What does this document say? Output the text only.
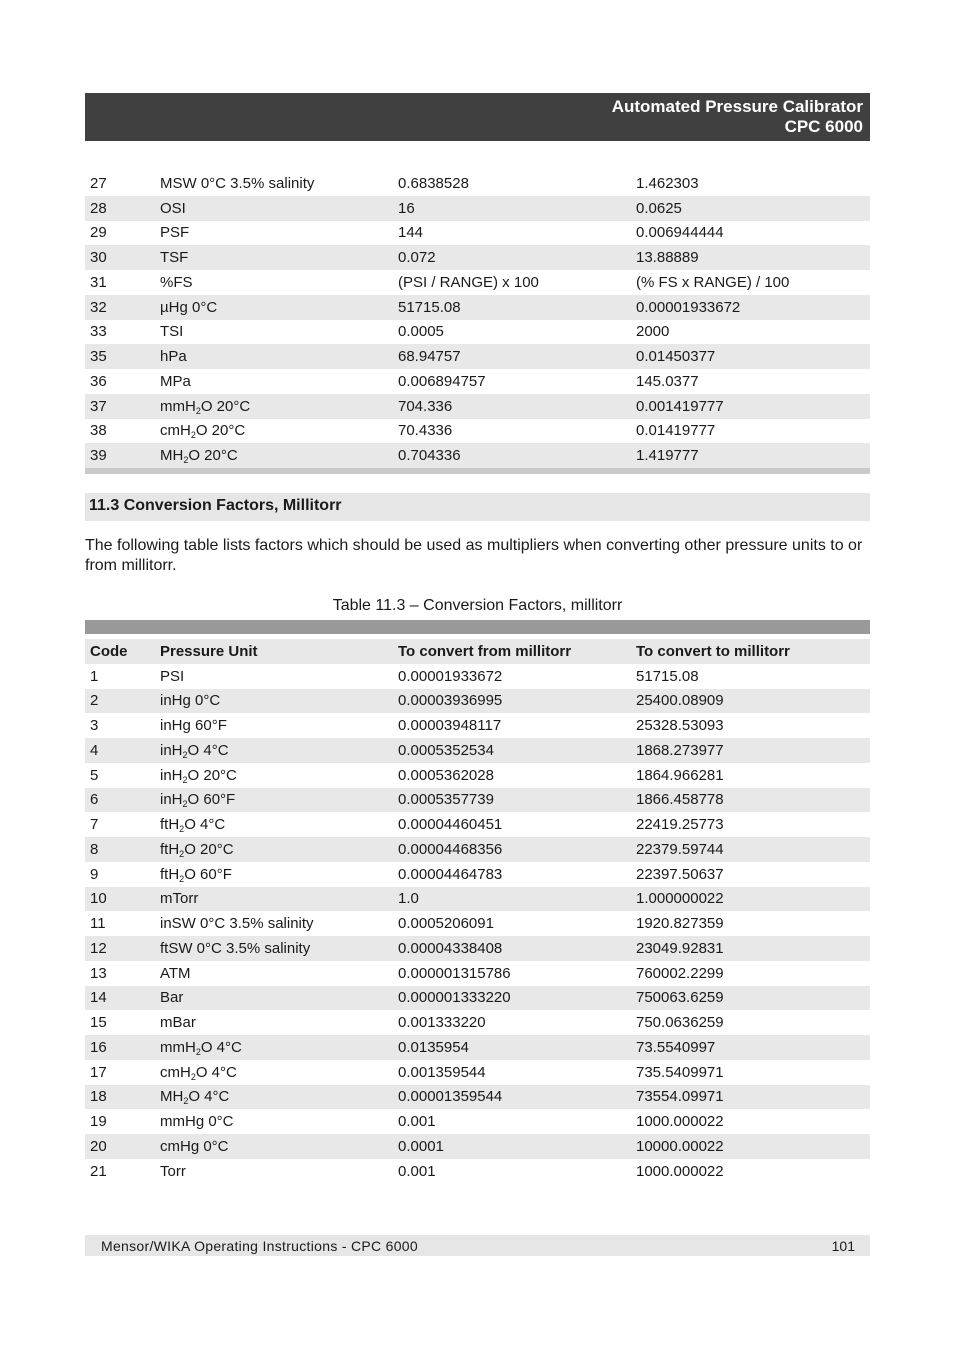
Automated Pressure Calibrator
CPC 6000
27	MSW 0°C 3.5% salinity	0.6838528	1.462303
28	OSI	16	0.0625
29	PSF	144	0.006944444
30	TSF	0.072	13.88889
31	%FS	(PSI / RANGE) x 100	(% FS x RANGE) / 100
32	µHg 0°C	51715.08	0.00001933672
33	TSI	0.0005	2000
35	hPa	68.94757	0.01450377
36	MPa	0.006894757	145.0377
37	mmH$_2$O 20°C	704.336	0.001419777
38	cmH$_2$O 20°C	70.4336	0.01419777
39	$MH_2O$ 20°C	0.704336	1.419777
11.3 Conversion Factors, Millitorr
The following table lists factors which should be used as multipliers when converting other pressure units to or from millitorr.
Table 11.3 – Conversion Factors, millitorr
Code	Pressure Unit	To convert from millitorr	To convert to millitorr
1	PSI	0.00001933672	51715.08
2	inHg 0°C	0.00003936995	25400.08909
3	inHg 60°F	0.00003948117	25328.53093
4	inH$_2$O 4°C	0.0005352534	1868.273977
5	inH$_2$O 20°C	0.0005362028	1864.966281
6	inH$_2$O 60°F	0.0005357739	1866.458778
7	ftH$_2$O 4°C	0.00004460451	22419.25773
8	ftH$_2$O 20°C	0.00004468356	22379.59744
9	ftH$_2$O 60°F	0.00004464783	22397.50637
10	mTorr	1.0	1.000000022
11	inSW 0°C 3.5% salinity	0.0005206091	1920.827359
12	ftSW 0°C 3.5% salinity	0.00004338408	23049.92831
13	ATM	0.000001315786	760002.2299
14	Bar	0.000001333220	750063.6259
15	mBar	0.001333220	750.0636259
16	mmH$_2$O 4°C	0.0135954	73.5540997
17	cmH$_2$O 4°C	0.001359544	735.5409971
18	$MH_2O$ 4°C	0.00001359544	73554.09971
19	mmHg 0°C	0.001	1000.000022
20	cmHg 0°C	0.0001	10000.00022
21	Torr	0.001	1000.000022
Mensor/WIKA Operating Instructions - CPC 6000	101
